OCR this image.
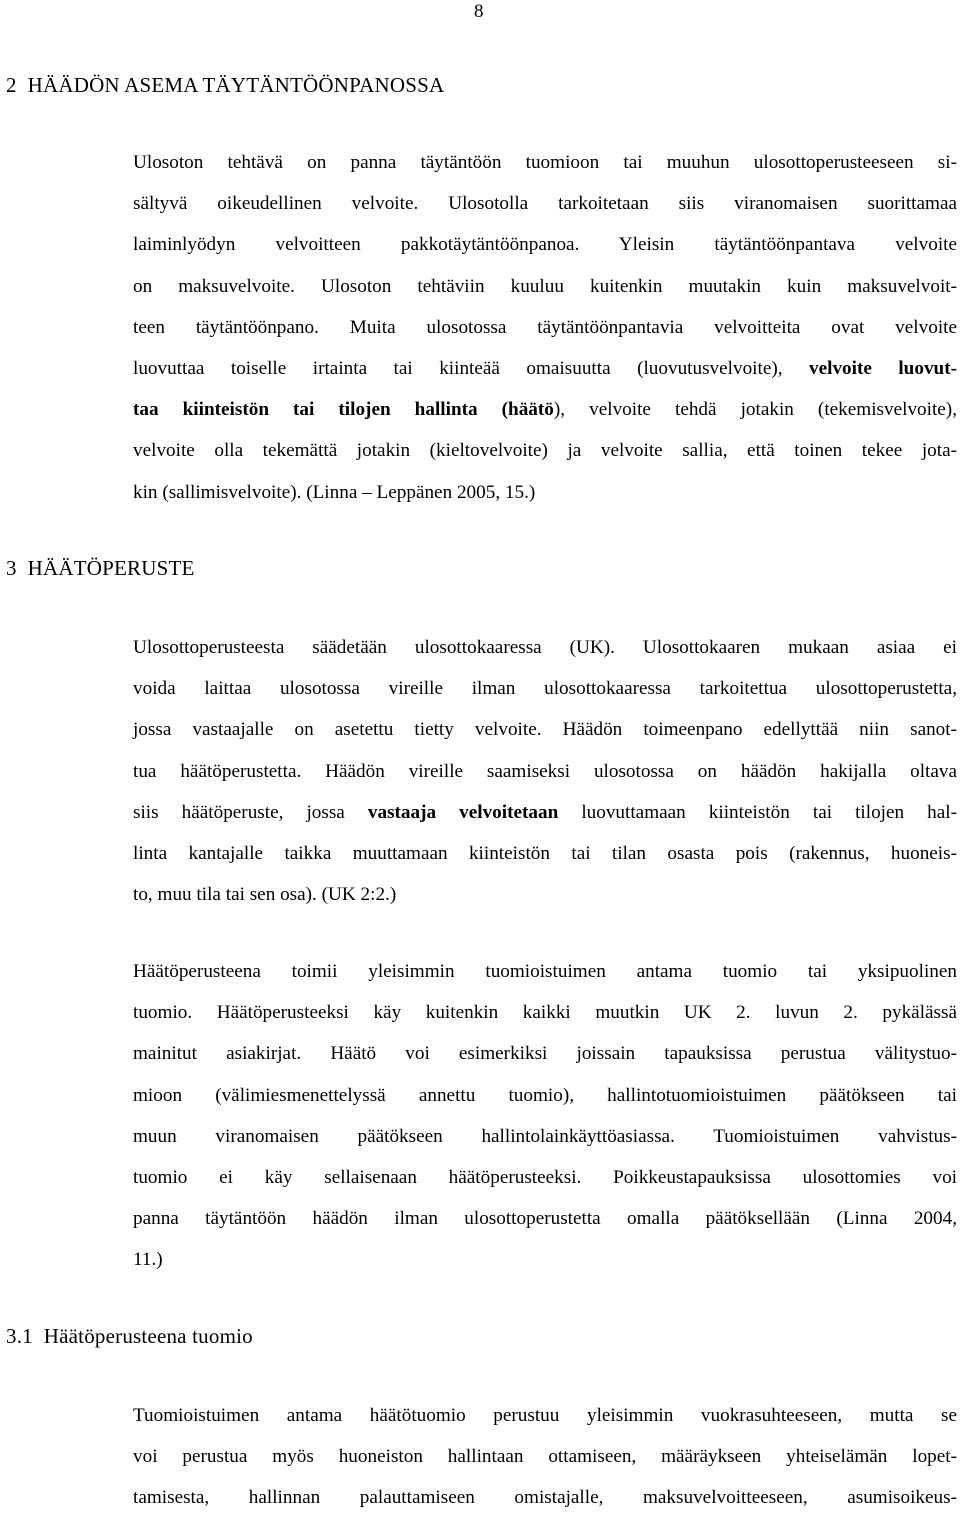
8
2 HÄÄDÖN ASEMA TÄYTÄNTÖÖNPANOSSA
Ulosoton tehtävä on panna täytäntöön tuomioon tai muuhun ulosottoperusteeseen si-
sältyvä oikeudellinen velvoite. Ulosotolla tarkoitetaan siis viranomaisen suorittamaa
laiminlyödyn velvoitteen pakkotäytäntöönpanoa. Yleisin täytäntöönpantava velvoite
on maksuvelvoite. Ulosoton tehtäviin kuuluu kuitenkin muutakin kuin maksuvelvoit-
teen täytäntöönpano. Muita ulosotossa täytäntöönpantavia velvoitteita ovat velvoite
luovuttaa toiselle irtainta tai kiinteää omaisuutta (luovutusvelvoite), velvoite luovut-
taa kiinteistön tai tilojen hallinta (häätö), velvoite tehdä jotakin (tekemisvelvoite),
velvoite olla tekemättä jotakin (kieltovelvoite) ja velvoite sallia, että toinen tekee jota-
kin (sallimisvelvoite). (Linna – Leppänen 2005, 15.)
3 HÄÄTÖPERUSTE
Ulosottoperusteesta säädetään ulosottokaaressa (UK). Ulosottokaaren mukaan asiaa ei
voida laittaa ulosotossa vireille ilman ulosottokaaressa tarkoitettua ulosottoperustetta,
jossa vastaajalle on asetettu tietty velvoite. Häädön toimeenpano edellyttää niin sanot-
tua häätöperustetta. Häädön vireille saamiseksi ulosotossa on häädön hakijalla oltava
siis häätöperuste, jossa vastaaja velvoitetaan luovuttamaan kiinteistön tai tilojen hal-
linta kantajalle taikka muuttamaan kiinteistön tai tilan osasta pois (rakennus, huoneis-
to, muu tila tai sen osa). (UK 2:2.)
Häätöperusteena toimii yleisimmin tuomioistuimen antama tuomio tai yksipuolinen
tuomio. Häätöperusteeksi käy kuitenkin kaikki muutkin UK 2. luvun 2. pykälässä
mainitut asiakirjat. Häätö voi esimerkiksi joissain tapauksissa perustua välitystuo-
mioon (välimiesmenettelyssä annettu tuomio), hallintotuomioistuimen päätökseen tai
muun viranomaisen päätökseen hallintolainkäyttöasiassa. Tuomioistuimen vahvistus-
tuomio ei käy sellaisenaan häätöperusteeksi. Poikkeustapauksissa ulosottomies voi
panna täytäntöön häädön ilman ulosottoperustetta omalla päätöksellään (Linna 2004,
11.)
3.1 Häätöperusteena tuomio
Tuomioistuimen antama häätötuomio perustuu yleisimmin vuokrasuhteeseen, mutta se
voi perustua myös huoneiston hallintaan ottamiseen, määräykseen yhteiselämän lopet-
tamisesta, hallinnan palauttamiseen omistajalle, maksuvelvoitteeseen, asumisoikeus-
